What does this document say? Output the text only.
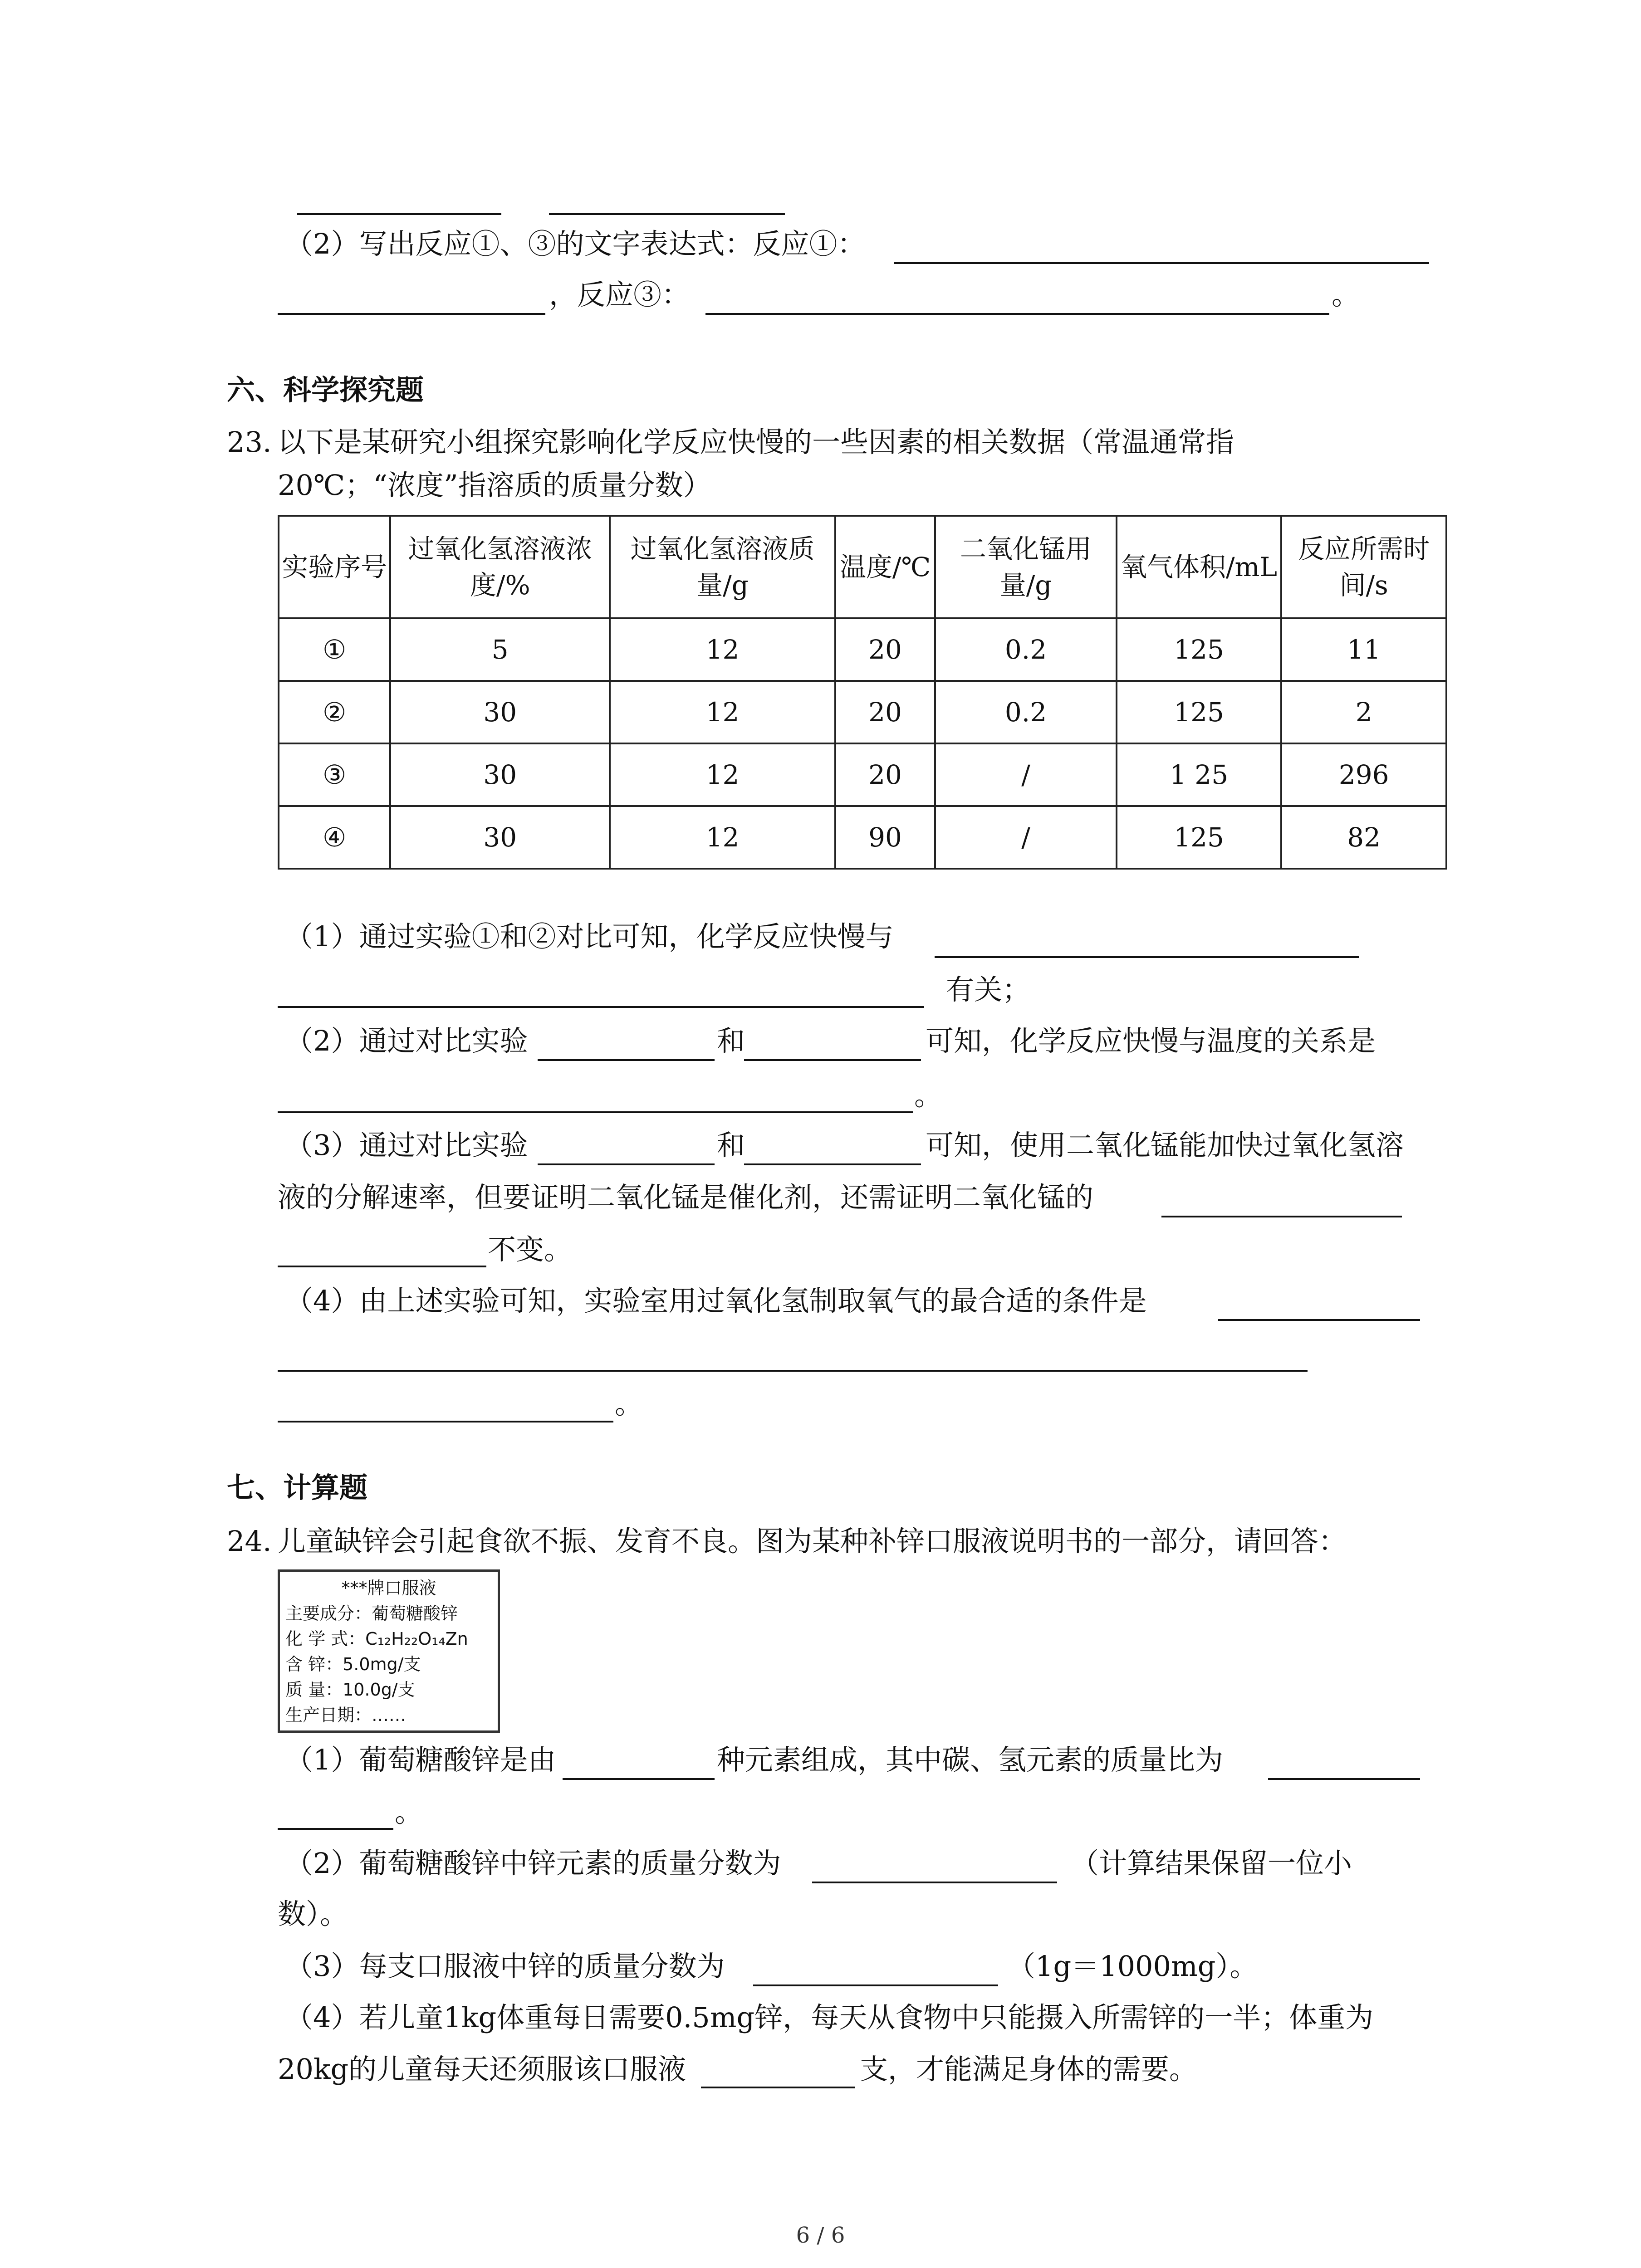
（2）写出反应①、③的文字表达式：反应①：
，反应③：	。
六、科学探究题
23. 以下是某研究小组探究影响化学反应快慢的一些因素的相关数据（常温通常指
20℃；“浓度”指溶质的质量分数）
实验序号	过氧化氢溶液浓度/%	过氧化氢溶液质量/g	温度/℃	二氧化锰用量/g	氧气体积/mL	反应所需时间/s
①	5	12	20	0.2	125	11
②	30	12	20	0.2	125	2
③	30	12	20	/	1 25	296
④	30	12	90	/	125	82
（1）通过实验①和②对比可知，化学反应快慢与
有关；
（2）通过对比实验	和	可知，化学反应快慢与温度的关系是
。
（3）通过对比实验	和	可知，使用二氧化锰能加快过氧化氢溶
液的分解速率，但要证明二氧化锰是催化剂，还需证明二氧化锰的
不变。
（4）由上述实验可知，实验室用过氧化氢制取氧气的最合适的条件是
。
七、计算题
24. 儿童缺锌会引起食欲不振、发育不良。图为某种补锌口服液说明书的一部分，请回答：
***牌口服液
主要成分：葡萄糖酸锌
化 学 式：C₁₂H₂₂O₁₄Zn
含 锌：5.0mg/支
质 量：10.0g/支
生产日期：……
（1）葡萄糖酸锌是由	种元素组成，其中碳、氢元素的质量比为
。
（2）葡萄糖酸锌中锌元素的质量分数为	（计算结果保留一位小
数）。
（3）每支口服液中锌的质量分数为	（1g＝1000mg）。
（4）若儿童1kg体重每日需要0.5mg锌，每天从食物中只能摄入所需锌的一半；体重为
20kg的儿童每天还须服该口服液	支，才能满足身体的需要。
6 / 6
